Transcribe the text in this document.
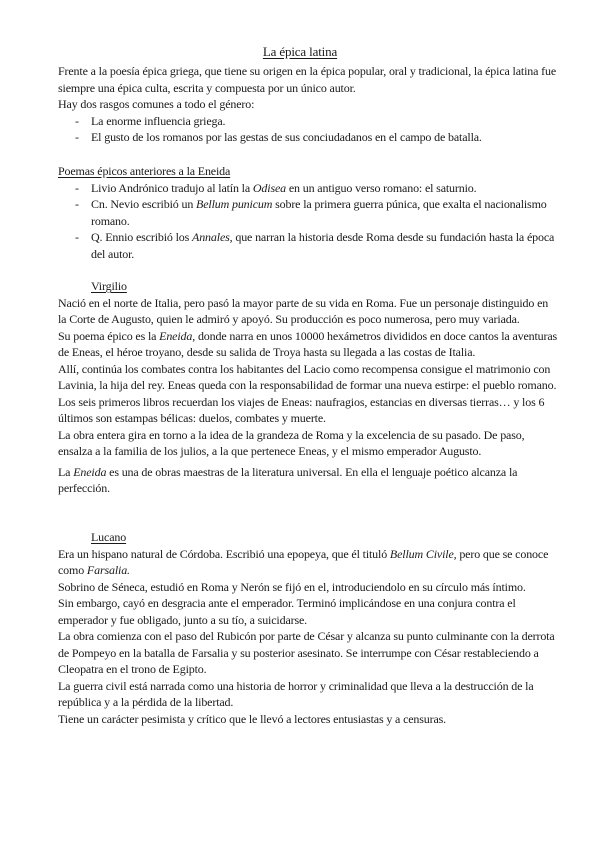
La épica latina

Frente a la poesía épica griega, que tiene su origen en la épica popular, oral y tradicional, la épica latina fue siempre una épica culta, escrita y compuesta por un único autor.

Hay dos rasgos comunes a todo el género:

- La enorme influencia griega.
- El gusto de los romanos por las gestas de sus conciudadanos en el campo de batalla.

Poemas épicos anteriores a la Eneida

- Livio Andrónico tradujo al latín la Odisea en un antiguo verso romano: el saturnio.
- Cn. Nevio escribió un Bellum punicum sobre la primera guerra púnica, que exalta el nacionalismo romano.
- Q. Ennio escribió los Annales, que narran la historia desde Roma desde su fundación hasta la época del autor.

Virgilio

Nació en el norte de Italia, pero pasó la mayor parte de su vida en Roma. Fue un personaje distinguido en la Corte de Augusto, quien le admiró y apoyó. Su producción es poco numerosa, pero muy variada.

Su poema épico es la Eneida, donde narra en unos 10000 hexámetros divididos en doce cantos la aventuras de Eneas, el héroe troyano, desde su salida de Troya hasta su llegada a las costas de Italia.

Allí, continúa los combates contra los habitantes del Lacio como recompensa consigue el matrimonio con Lavinia, la hija del rey. Eneas queda con la responsabilidad de formar una nueva estirpe: el pueblo romano.

Los seis primeros libros recuerdan los viajes de Eneas: naufragios, estancias en diversas tierras… y los 6 últimos son estampas bélicas: duelos, combates y muerte.

La obra entera gira en torno a la idea de la grandeza de Roma y la excelencia de su pasado. De paso, ensalza a la familia de los julios, a la que pertenece Eneas, y el mismo emperador Augusto.

La Eneida es una de obras maestras de la literatura universal. En ella el lenguaje poético alcanza la perfección.

Lucano

Era un hispano natural de Córdoba. Escribió una epopeya, que él tituló Bellum Civile, pero que se conoce como Farsalia.

Sobrino de Séneca, estudió en Roma y Nerón se fijó en el, introduciendolo en su círculo más íntimo.

Sin embargo, cayó en desgracia ante el emperador. Terminó implicándose en una conjura contra el emperador y fue obligado, junto a su tío, a suicidarse.

La obra comienza con el paso del Rubicón por parte de César y alcanza su punto culminante con la derrota de Pompeyo en la batalla de Farsalia y su posterior asesinato. Se interrumpe con César restableciendo a Cleopatra en el trono de Egipto.

La guerra civil está narrada como una historia de horror y criminalidad que lleva a la destrucción de la república y a la pérdida de la libertad.

Tiene un carácter pesimista y crítico que le llevó a lectores entusiastas y a censuras.
